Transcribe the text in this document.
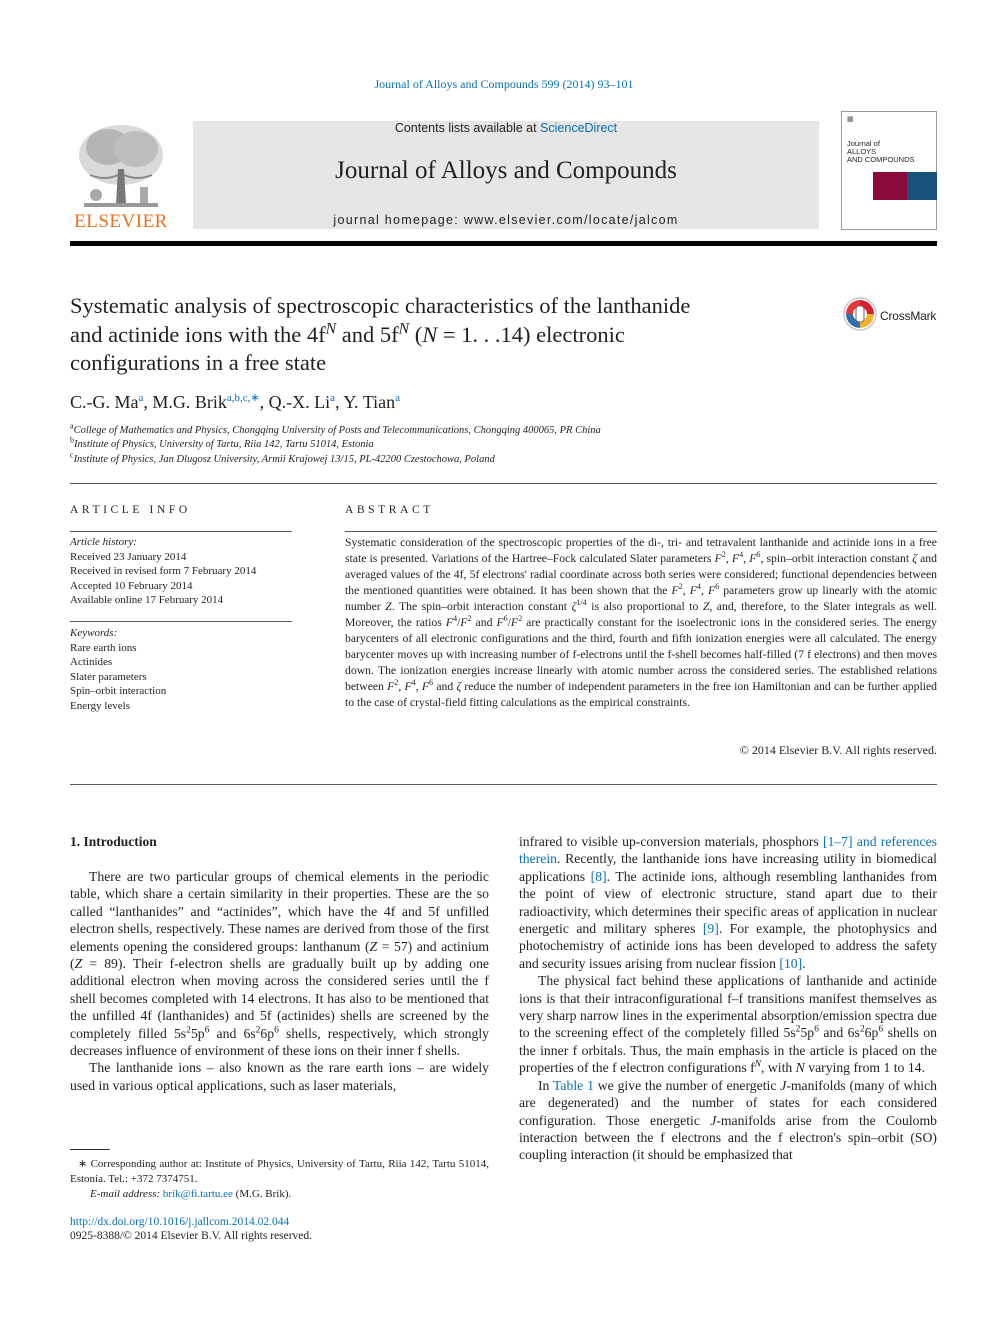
Journal of Alloys and Compounds 599 (2014) 93–101
ELSEVIER
Contents lists available at ScienceDirect
Journal of Alloys and Compounds
journal homepage: www.elsevier.com/locate/jalcom
▦
Journal of
ALLOYS
AND COMPOUNDS
Systematic analysis of spectroscopic characteristics of the lanthanide
and actinide ions with the $4f^N$ and $5f^N$ (N = 1. . .14) electronic
configurations in a free state
CrossMark
C.-G. Ma$^a$, M.G. Brik$^{a,b,c,∗}$, Q.-X. Li$^a$, Y. Tian$^a$
$^a$College of Mathematics and Physics, Chongqing University of Posts and Telecommunications, Chongqing 400065, PR China
$^b$Institute of Physics, University of Tartu, Riia 142, Tartu 51014, Estonia
$^c$Institute of Physics, Jan Dlugosz University, Armii Krajowej 13/15, PL-42200 Czestochowa, Poland
ARTICLE INFO
Article history:
Received 23 January 2014
Received in revised form 7 February 2014
Accepted 10 February 2014
Available online 17 February 2014
Keywords:
Rare earth ions
Actinides
Slater parameters
Spin–orbit interaction
Energy levels
ABSTRACT
Systematic consideration of the spectroscopic properties of the di-, tri- and tetravalent lanthanide and actinide ions in a free state is presented. Variations of the Hartree–Fock calculated Slater parameters $F^2$, $F^4$, $F^6$, spin–orbit interaction constant ζ and averaged values of the 4f, 5f electrons' radial coordinate across both series were considered; functional dependencies between the mentioned quantities were obtained. It has been shown that the $F^2$, $F^4$, $F^6$ parameters grow up linearly with the atomic number Z. The spin–orbit interaction constant $\zeta^{1/4}$ is also proportional to Z, and, therefore, to the Slater integrals as well. Moreover, the ratios $F^4/F^2$ and $F^6/F^2$ are practically constant for the isoelectronic ions in the considered series. The energy barycenters of all electronic configurations and the third, fourth and fifth ionization energies were all calculated. The energy barycenter moves up with increasing number of f-electrons until the f-shell becomes half-filled (7 f electrons) and then moves down. The ionization energies increase linearly with atomic number across the considered series. The established relations between $F^2$, $F^4$, $F^6$ and ζ reduce the number of independent parameters in the free ion Hamiltonian and can be further applied to the case of crystal-field fitting calculations as the empirical constraints.
© 2014 Elsevier B.V. All rights reserved.
1. Introduction

There are two particular groups of chemical elements in the periodic table, which share a certain similarity in their properties. These are the so called “lanthanides” and “actinides”, which have the 4f and 5f unfilled electron shells, respectively. These names are derived from those of the first elements opening the considered groups: lanthanum (Z = 57) and actinium (Z = 89). Their f-electron shells are gradually built up by adding one additional electron when moving across the considered series until the f shell becomes completed with 14 electrons. It has also to be mentioned that the unfilled 4f (lanthanides) and 5f (actinides) shells are screened by the completely filled $5s^25p^6$ and $6s^26p^6$ shells, respectively, which strongly decreases influence of environment of these ions on their inner f shells.

The lanthanide ions – also known as the rare earth ions – are widely used in various optical applications, such as laser materials,

infrared to visible up-conversion materials, phosphors [1–7] and references therein. Recently, the lanthanide ions have increasing utility in biomedical applications [8]. The actinide ions, although resembling lanthanides from the point of view of electronic structure, stand apart due to their radioactivity, which determines their specific areas of application in nuclear energetic and military spheres [9]. For example, the photophysics and photochemistry of actinide ions has been developed to address the safety and security issues arising from nuclear fission [10].

The physical fact behind these applications of lanthanide and actinide ions is that their intraconfigurational f–f transitions manifest themselves as very sharp narrow lines in the experimental absorption/emission spectra due to the screening effect of the completely filled $5s^25p^6$ and $6s^26p^6$ shells on the inner f orbitals. Thus, the main emphasis in the article is placed on the properties of the f electron configurations $f^N$, with N varying from 1 to 14.

In Table 1 we give the number of energetic J-manifolds (many of which are degenerated) and the number of states for each considered configuration. Those energetic J-manifolds arise from the Coulomb interaction between the f electrons and the f electron's spin–orbit (SO) coupling interaction (it should be emphasized that

∗ Corresponding author at: Institute of Physics, University of Tartu, Riia 142, Tartu 51014, Estonia. Tel.: +372 7374751.
E-mail address: brik@fi.tartu.ee (M.G. Brik).
http://dx.doi.org/10.1016/j.jallcom.2014.02.044
0925-8388/© 2014 Elsevier B.V. All rights reserved.
